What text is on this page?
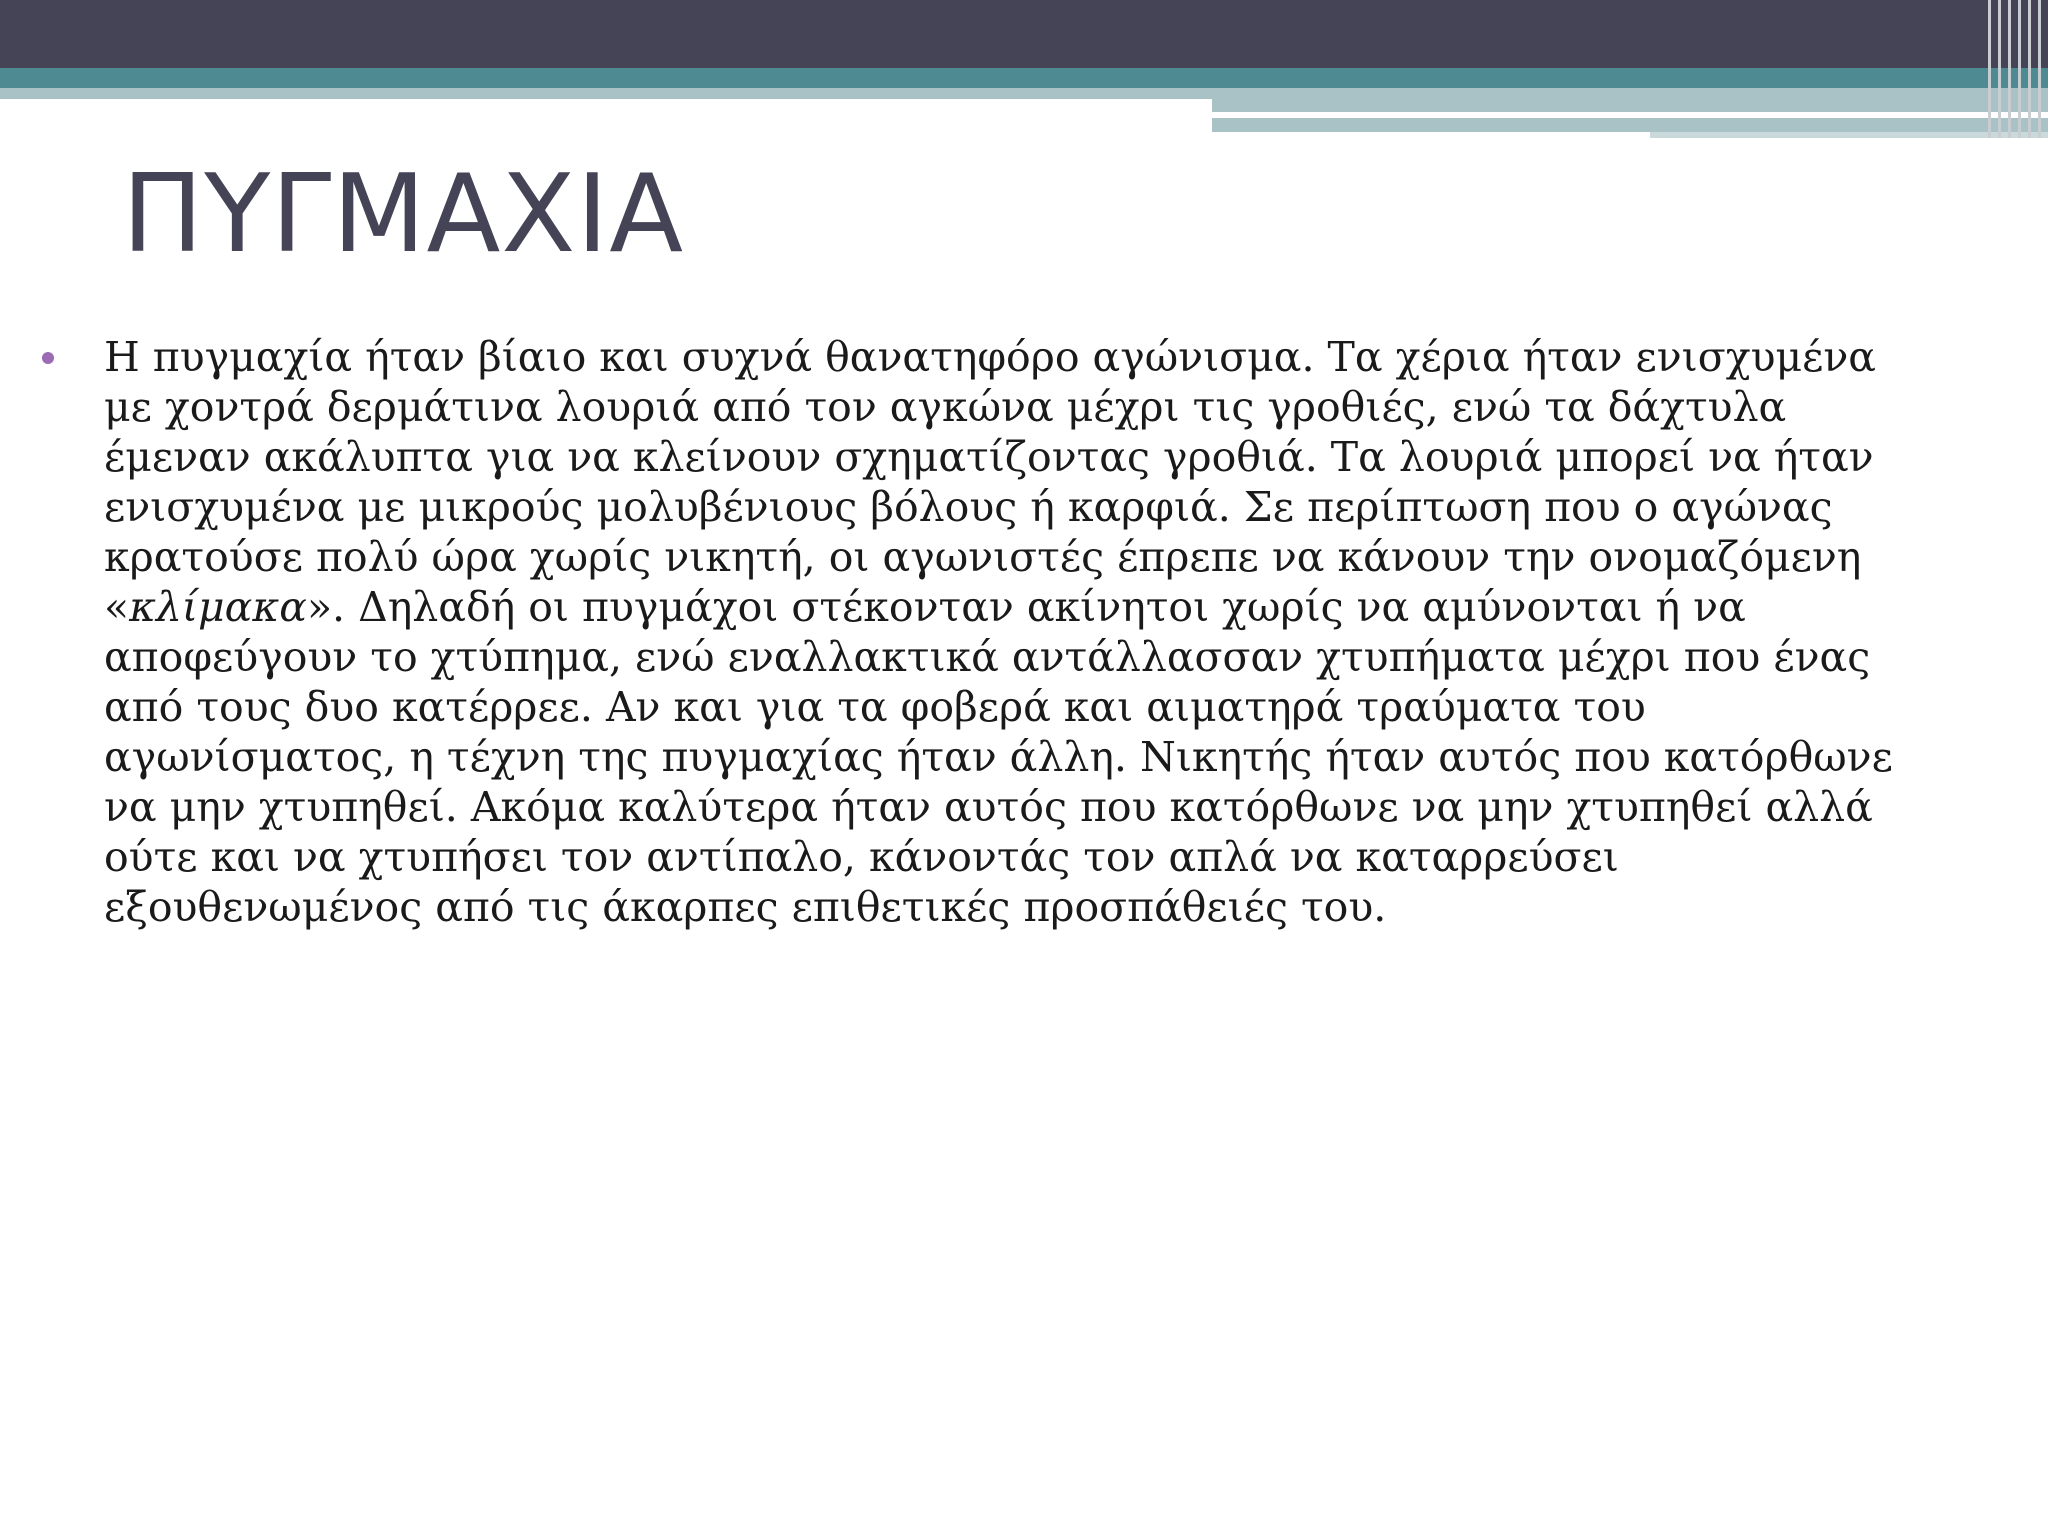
ΠΥΓΜΑΧΙΑ
Η πυγμαχία ήταν βίαιο και συχνά θανατηφόρο αγώνισμα. Τα χέρια ήταν ενισχυμένα
με χοντρά δερμάτινα λουριά από τον αγκώνα μέχρι τις γροθιές, ενώ τα δάχτυλα
έμεναν ακάλυπτα για να κλείνουν σχηματίζοντας γροθιά. Τα λουριά μπορεί να ήταν
ενισχυμένα με μικρούς μολυβένιους βόλους ή καρφιά. Σε περίπτωση που ο αγώνας
κρατούσε πολύ ώρα χωρίς νικητή, οι αγωνιστές έπρεπε να κάνουν την ονομαζόμενη
«κλίμακα». Δηλαδή οι πυγμάχοι στέκονταν ακίνητοι χωρίς να αμύνονται ή να
αποφεύγουν το χτύπημα, ενώ εναλλακτικά αντάλλασσαν χτυπήματα μέχρι που ένας
από τους δυο κατέρρεε. Αν και για τα φοβερά και αιματηρά τραύματα του
αγωνίσματος, η τέχνη της πυγμαχίας ήταν άλλη. Νικητής ήταν αυτός που κατόρθωνε
να μην χτυπηθεί. Ακόμα καλύτερα ήταν αυτός που κατόρθωνε να μην χτυπηθεί αλλά
ούτε και να χτυπήσει τον αντίπαλο, κάνοντάς τον απλά να καταρρεύσει
εξουθενωμένος από τις άκαρπες επιθετικές προσπάθειές του.
